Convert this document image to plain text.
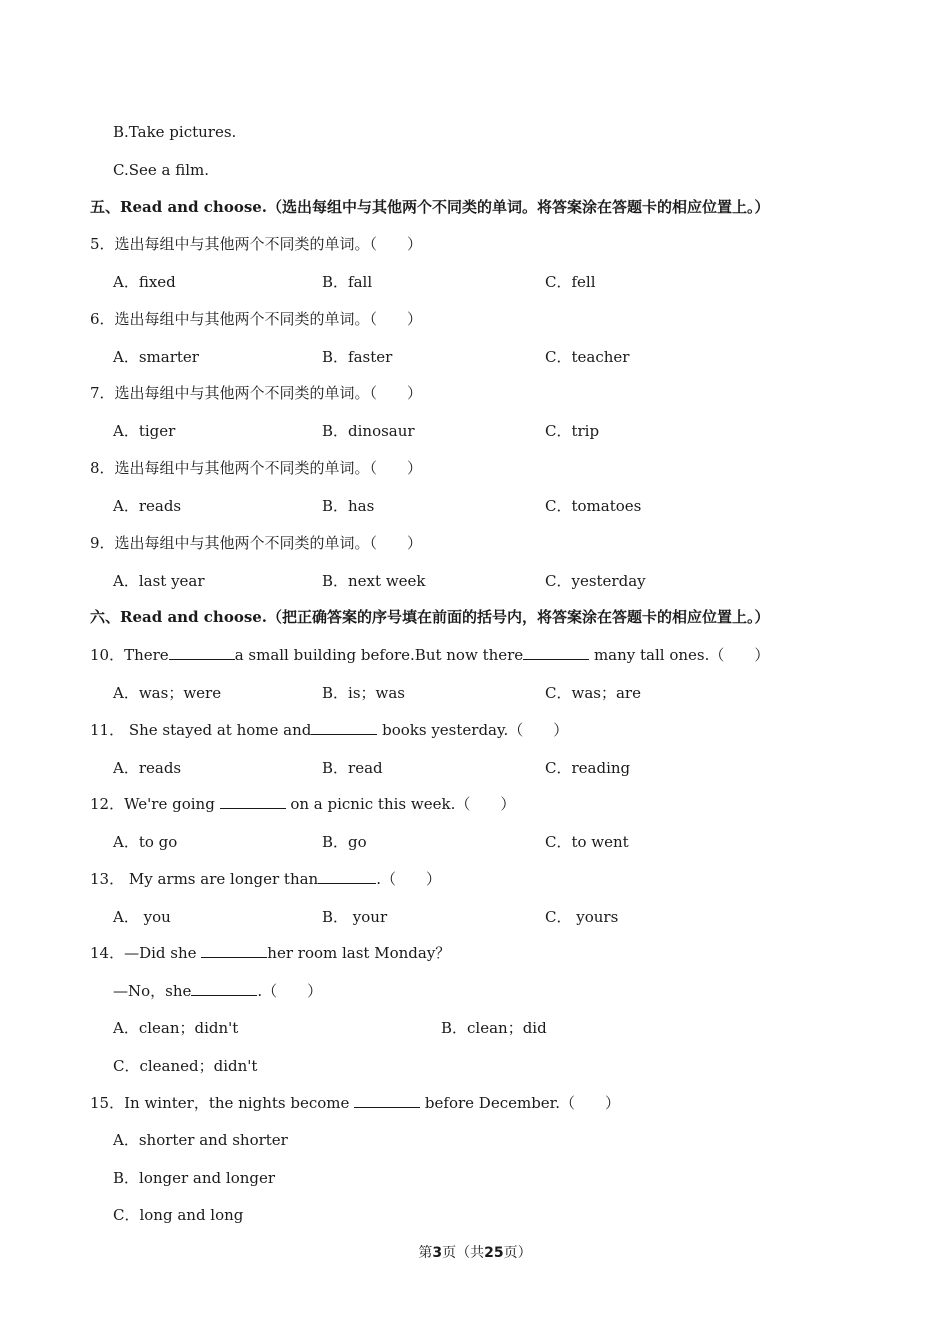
B.Take pictures.
C.See a film.
五、Read and choose.（选出每组中与其他两个不同类的单词。将答案涂在答题卡的相应位置上。）
5．选出每组中与其他两个不同类的单词。（　　）
A．fixed	B．fall	C．fell
6．选出每组中与其他两个不同类的单词。（　　）
A．smarter	B．faster	C．teacher
7．选出每组中与其他两个不同类的单词。（　　）
A．tiger	B．dinosaur	C．trip
8．选出每组中与其他两个不同类的单词。（　　）
A．reads	B．has	C．tomatoes
9．选出每组中与其他两个不同类的单词。（　　）
A．last year	B．next week	C．yesterday
六、Read and choose.（把正确答案的序号填在前面的括号内，将答案涂在答题卡的相应位置上。）
10．There	a small building before.But now there	many tall ones.（　　）
A．was；were	B．is；was	C．was；are
11． She stayed at home and	books yesterday.（　　）
A．reads	B．read	C．reading
12．We're going	on a picnic this week.（　　）
A．to go	B．go	C．to went
13． My arms are longer than	.（　　）
A． you	B． your	C． yours
14．—Did she	her room last Monday？
—No，she	.（　　）
A．clean；didn't	B．clean；did
C．cleaned；didn't
15．In winter，the nights become	before December.（　　）
A．shorter and shorter
B．longer and longer
C．long and long
第3页（共25页）
